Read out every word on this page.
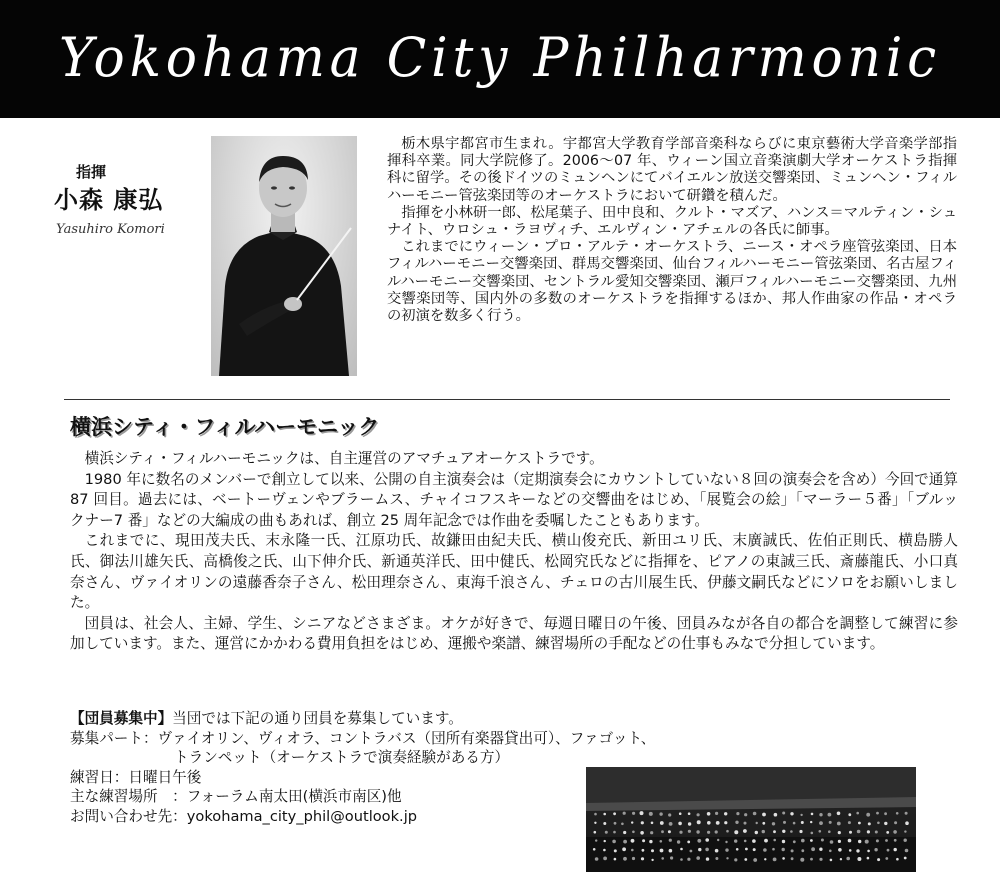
Yokohama City Philharmonic
指揮
小森 康弘
Yasuhiro Komori

栃木県宇都宮市生まれ。宇都宮大学教育学部音楽科ならびに東京藝術大学音楽学部指揮科卒業。同大学院修了。2006～07 年、ウィーン国立音楽演劇大学オーケストラ指揮科に留学。その後ドイツのミュンヘンにてバイエルン放送交響楽団、ミュンヘン・フィルハーモニー管弦楽団等のオーケストラにおいて研鑽を積んだ。

指揮を小林研一郎、松尾葉子、田中良和、クルト・マズア、ハンス＝マルティン・シュナイト、ウロシュ・ラヨヴィチ、エルヴィン・アチェルの各氏に師事。

これまでにウィーン・プロ・アルテ・オーケストラ、ニース・オペラ座管弦楽団、日本フィルハーモニー交響楽団、群馬交響楽団、仙台フィルハーモニー管弦楽団、名古屋フィルハーモニー交響楽団、セントラル愛知交響楽団、瀬戸フィルハーモニー交響楽団、九州交響楽団等、国内外の多数のオーケストラを指揮するほか、邦人作曲家の作品・オペラの初演を数多く行う。

横浜シティ・フィルハーモニック

横浜シティ・フィルハーモニックは、自主運営のアマチュアオーケストラです。

1980 年に数名のメンバーで創立して以来、公開の自主演奏会は（定期演奏会にカウントしていない８回の演奏会を含め）今回で通算 87 回目。過去には、ベートーヴェンやブラームス、チャイコフスキーなどの交響曲をはじめ、「展覧会の絵」「マーラー５番」「ブルックナー7 番」などの大編成の曲もあれば、創立 25 周年記念では作曲を委嘱したこともあります。

これまでに、現田茂夫氏、末永隆一氏、江原功氏、故鎌田由紀夫氏、横山俊充氏、新田ユリ氏、末廣誠氏、佐伯正則氏、横島勝人氏、御法川雄矢氏、高橋俊之氏、山下伸介氏、新通英洋氏、田中健氏、松岡究氏などに指揮を、ピアノの東誠三氏、斎藤龍氏、小口真奈さん、ヴァイオリンの遠藤香奈子さん、松田理奈さん、東海千浪さん、チェロの古川展生氏、伊藤文嗣氏などにソロをお願いしました。

団員は、社会人、主婦、学生、シニアなどさまざま。オケが好きで、毎週日曜日の午後、団員みなが各自の都合を調整して練習に参加しています。また、運営にかかわる費用負担をはじめ、運搬や楽譜、練習場所の手配などの仕事もみなで分担しています。

【団員募集中】当団では下記の通り団員を募集しています。
募集パート：ヴァイオリン、ヴィオラ、コントラバス（団所有楽器貸出可）、ファゴット、
トランペット（オーケストラで演奏経験がある方）
練習日：日曜日午後
主な練習場所　：フォーラム南太田(横浜市南区)他
お問い合わせ先：yokohama_city_phil@outlook.jp
